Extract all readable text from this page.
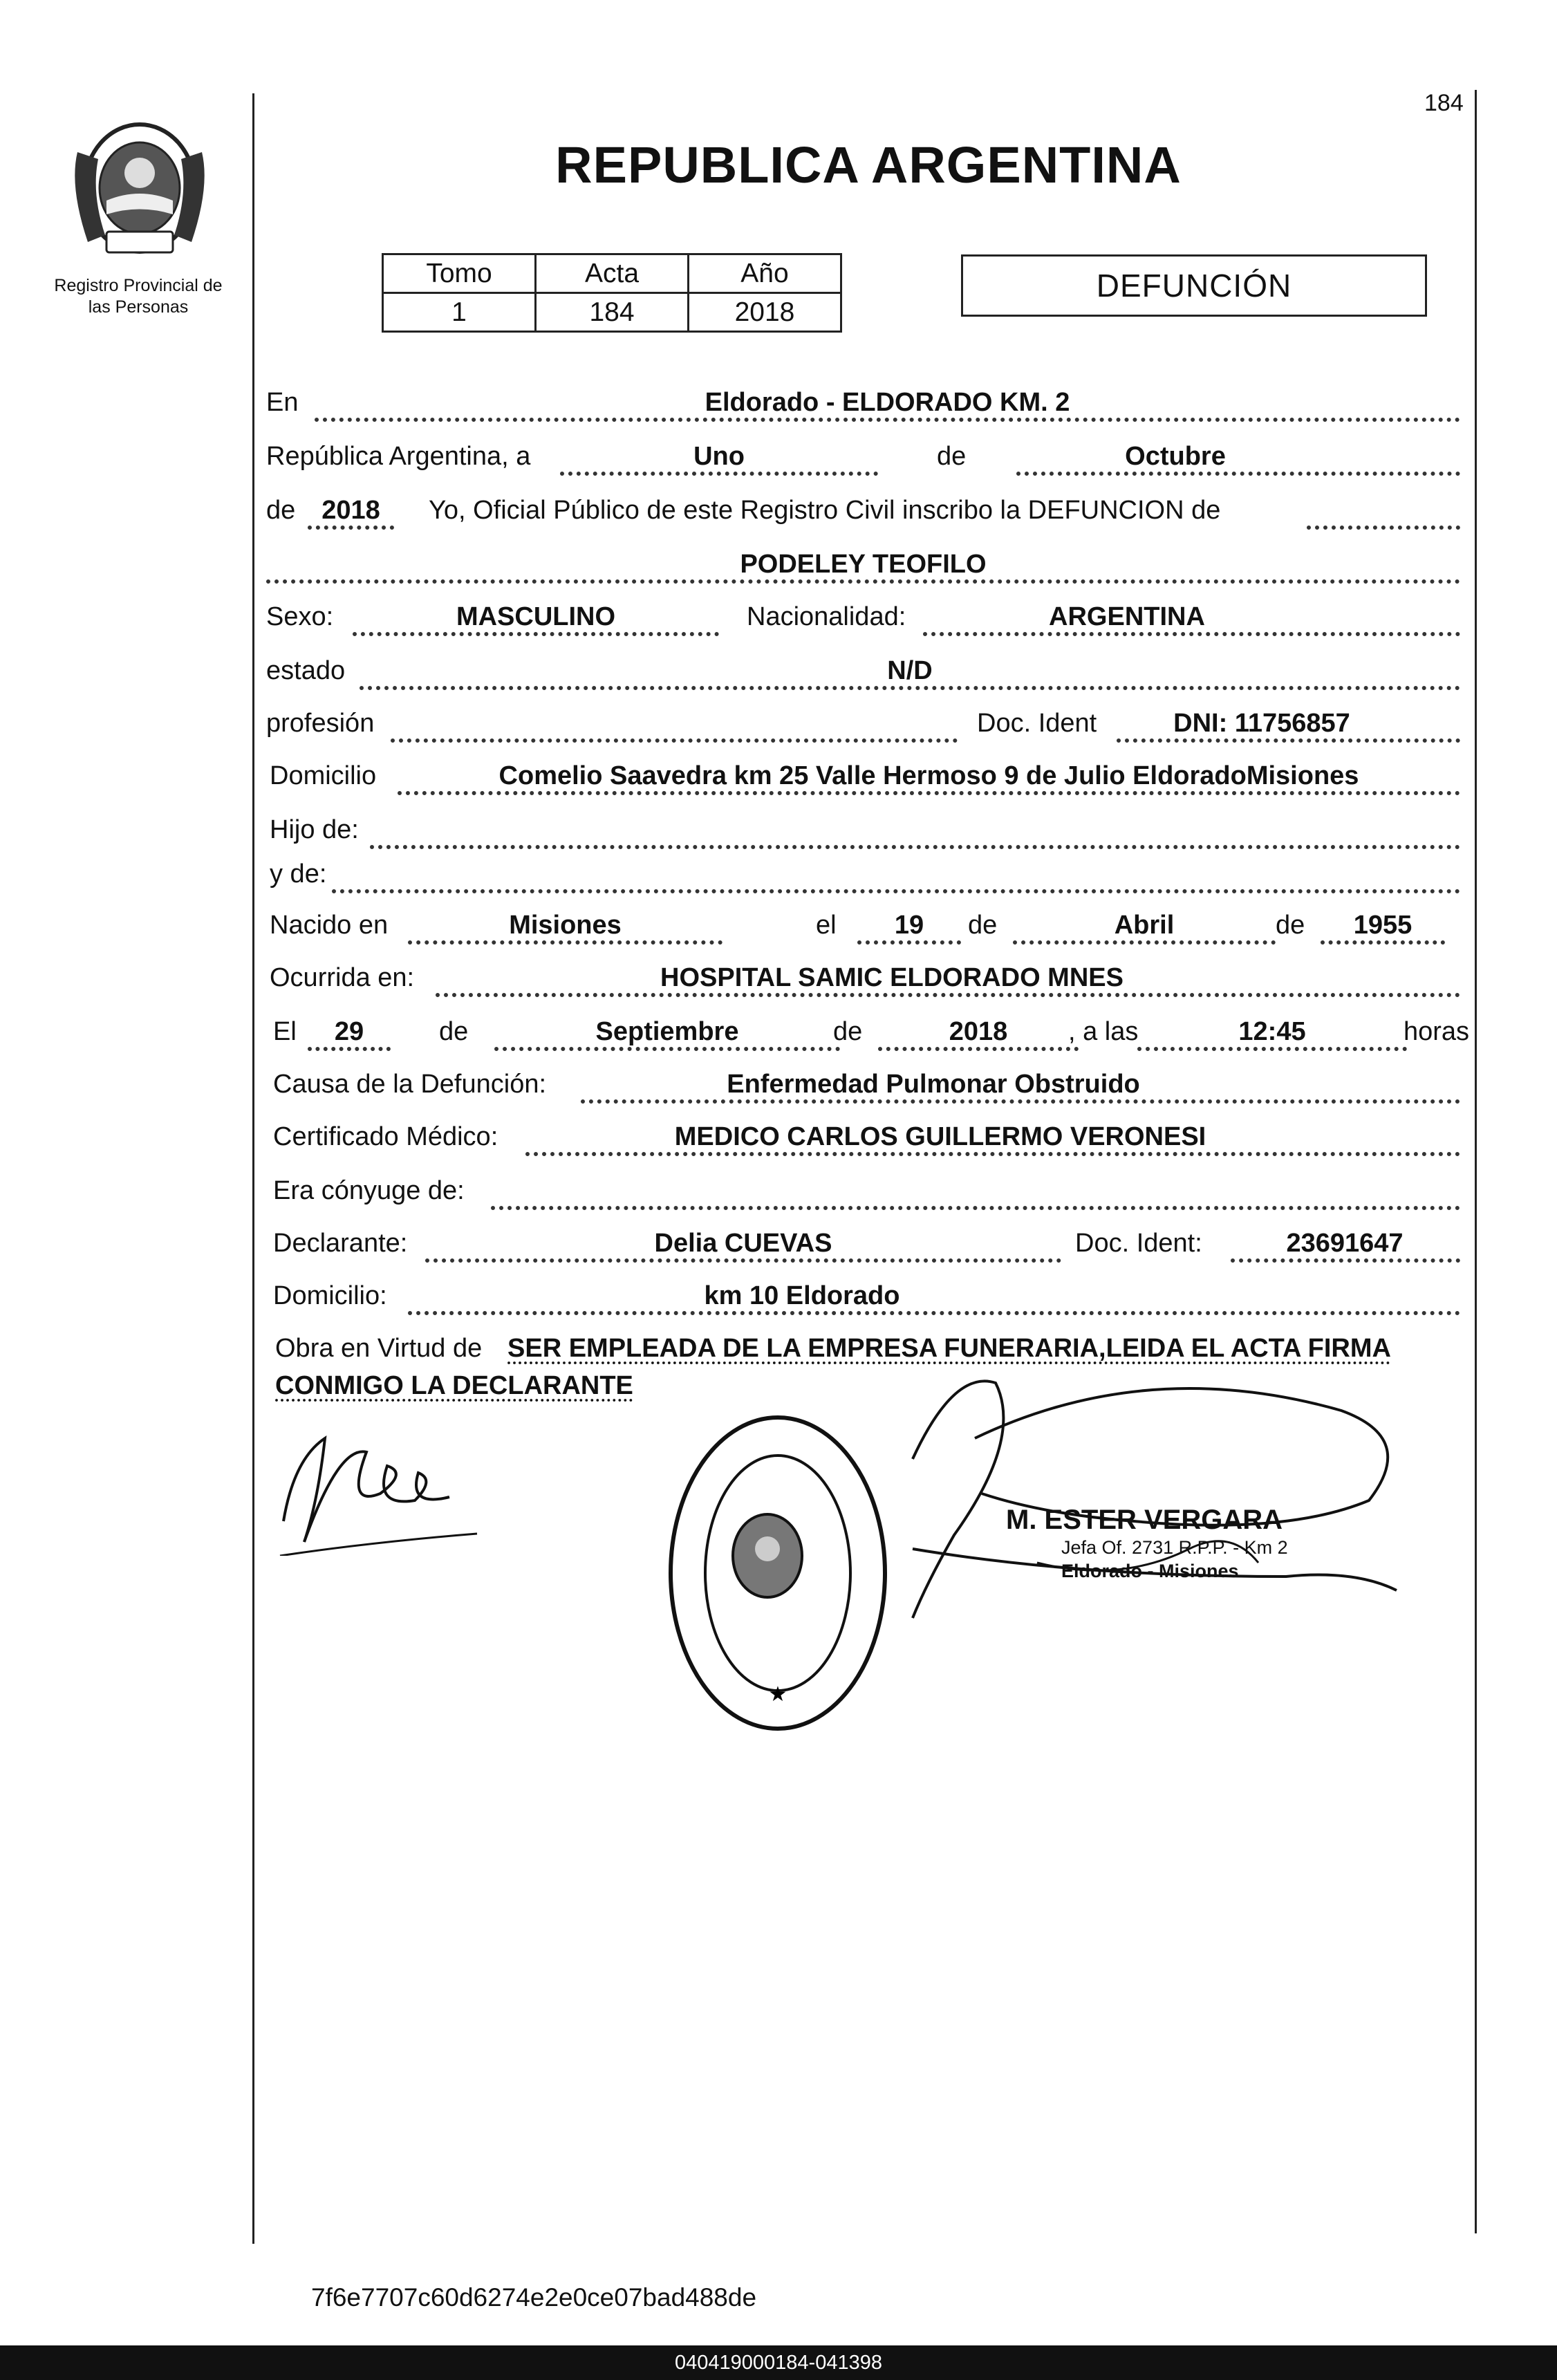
184
Registro Provincial de
las Personas
REPUBLICA ARGENTINA
Tomo	Acta	Año
1	184	2018
DEFUNCIÓN
En	Eldorado - ELDORADO KM. 2
República Argentina, a	Uno	de	Octubre
de 2018	Yo, Oficial Público de este Registro Civil inscribo la DEFUNCION de
PODELEY TEOFILO
Sexo:	MASCULINO	Nacionalidad:	ARGENTINA
estado	N/D
profesión	Doc. Ident	DNI: 11756857
Domicilio	Comelio Saavedra km 25 Valle Hermoso 9 de Julio EldoradoMisiones
Hijo de:
y de:
Nacido en	Misiones	el	19	de	Abril	de	1955
Ocurrida en:	HOSPITAL SAMIC ELDORADO MNES
El	29	de	Septiembre	de	2018	, a las	12:45	horas
Causa de la Defunción:	Enfermedad Pulmonar Obstruido
Certificado Médico:	MEDICO CARLOS GUILLERMO VERONESI
Era cónyuge de:
Declarante:	Delia CUEVAS	Doc. Ident:	23691647
Domicilio:	km 10 Eldorado
Obra en Virtud de SER EMPLEADA DE LA EMPRESA FUNERARIA,LEIDA EL ACTA FIRMA
CONMIGO LA DECLARANTE
★
M. ESTER VERGARA
Jefa Of. 2731 R.P.P. - Km 2
Eldorado - Misiones
7f6e7707c60d6274e2e0ce07bad488de
040419000184-041398
